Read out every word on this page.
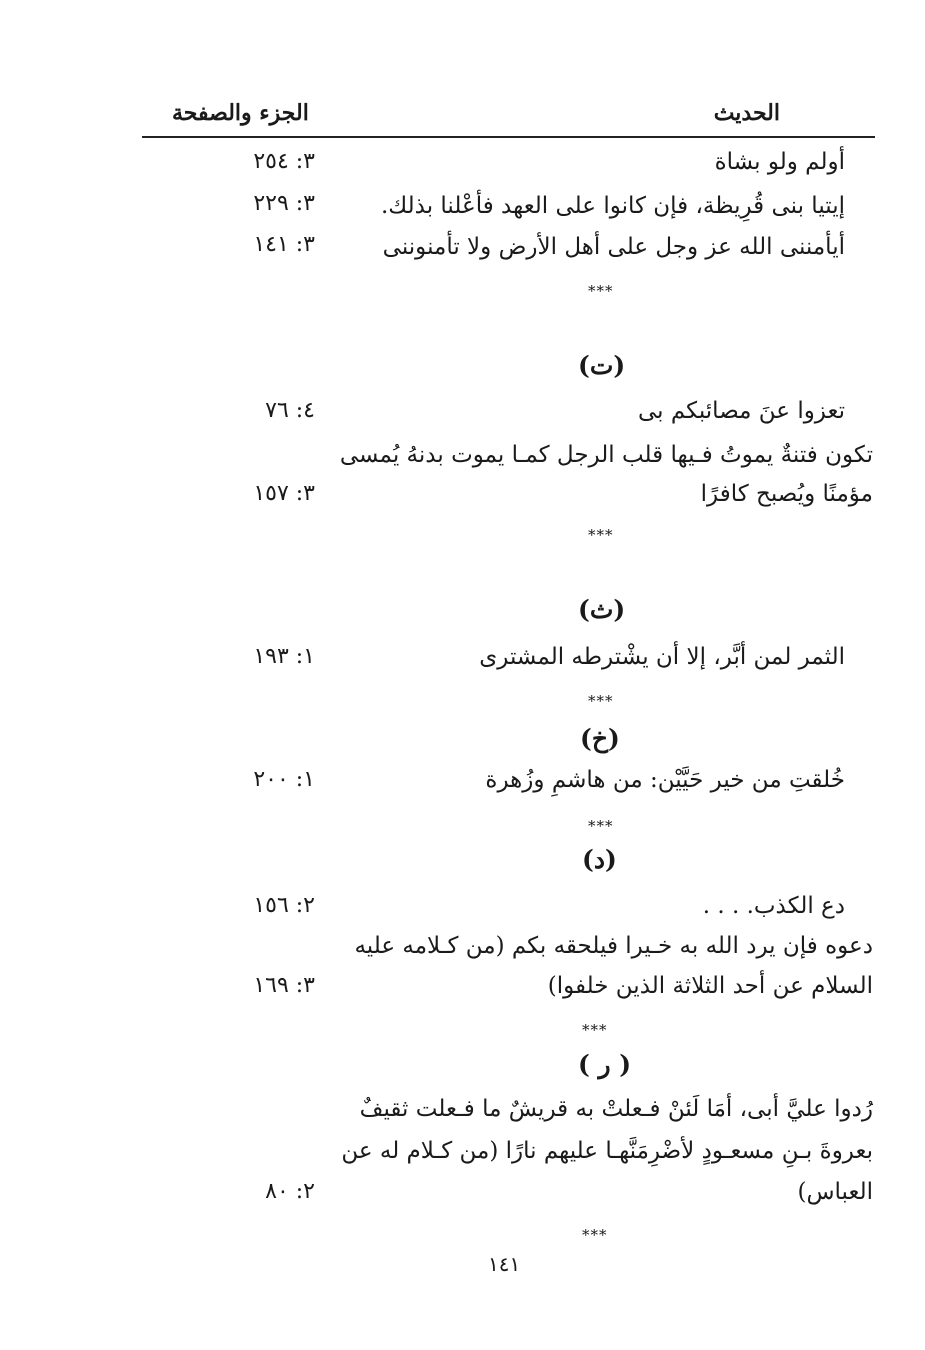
الحديث
الجزء والصفحة
أولم ولو بشاة
٣: ٢٥٤
إيتيا بنى قُرِيظة، فإن كانوا على العهد فأعْلنا بذلك.
٣: ٢٢٩
أيأمننى الله عز وجل على أهل الأرض ولا تأمنوننى
٣: ١٤١
***
(ت)
تعزوا عنَ مصائبكم بى
٤: ٧٦
تكون فتنةٌ يموتُ فـيها قلب الرجل كمـا يموت بدنهُ يُمسى
مؤمنًا ويُصبح كافرًا
٣: ١٥٧
***
(ث)
الثمر لمن أبَّر، إلا أن يشْترطه المشترى
١: ١٩٣
***
(خ)
خُلقتِ من خير حَيَّيْن: من هاشمِ وزُهرة
١: ٢٠٠
***
(د)
دع الكذب. . . .
٢: ١٥٦
دعوه فإن يرد الله به خـيرا فيلحقه بكم (من كـلامه عليه
السلام عن أحد الثلاثة الذين خلفوا)
٣: ١٦٩
***
( ر )
رُدوا عليَّ أبى، أمَا لَئنْ فـعلتْ به قريشٌ ما فـعلت ثقيفٌ
بعروةَ بـنِ مسعـودٍ لأضْرِمَنَّهـا عليهم نارًا (من كـلام له عن
العباس)
٢: ٨٠
***
١٤١
